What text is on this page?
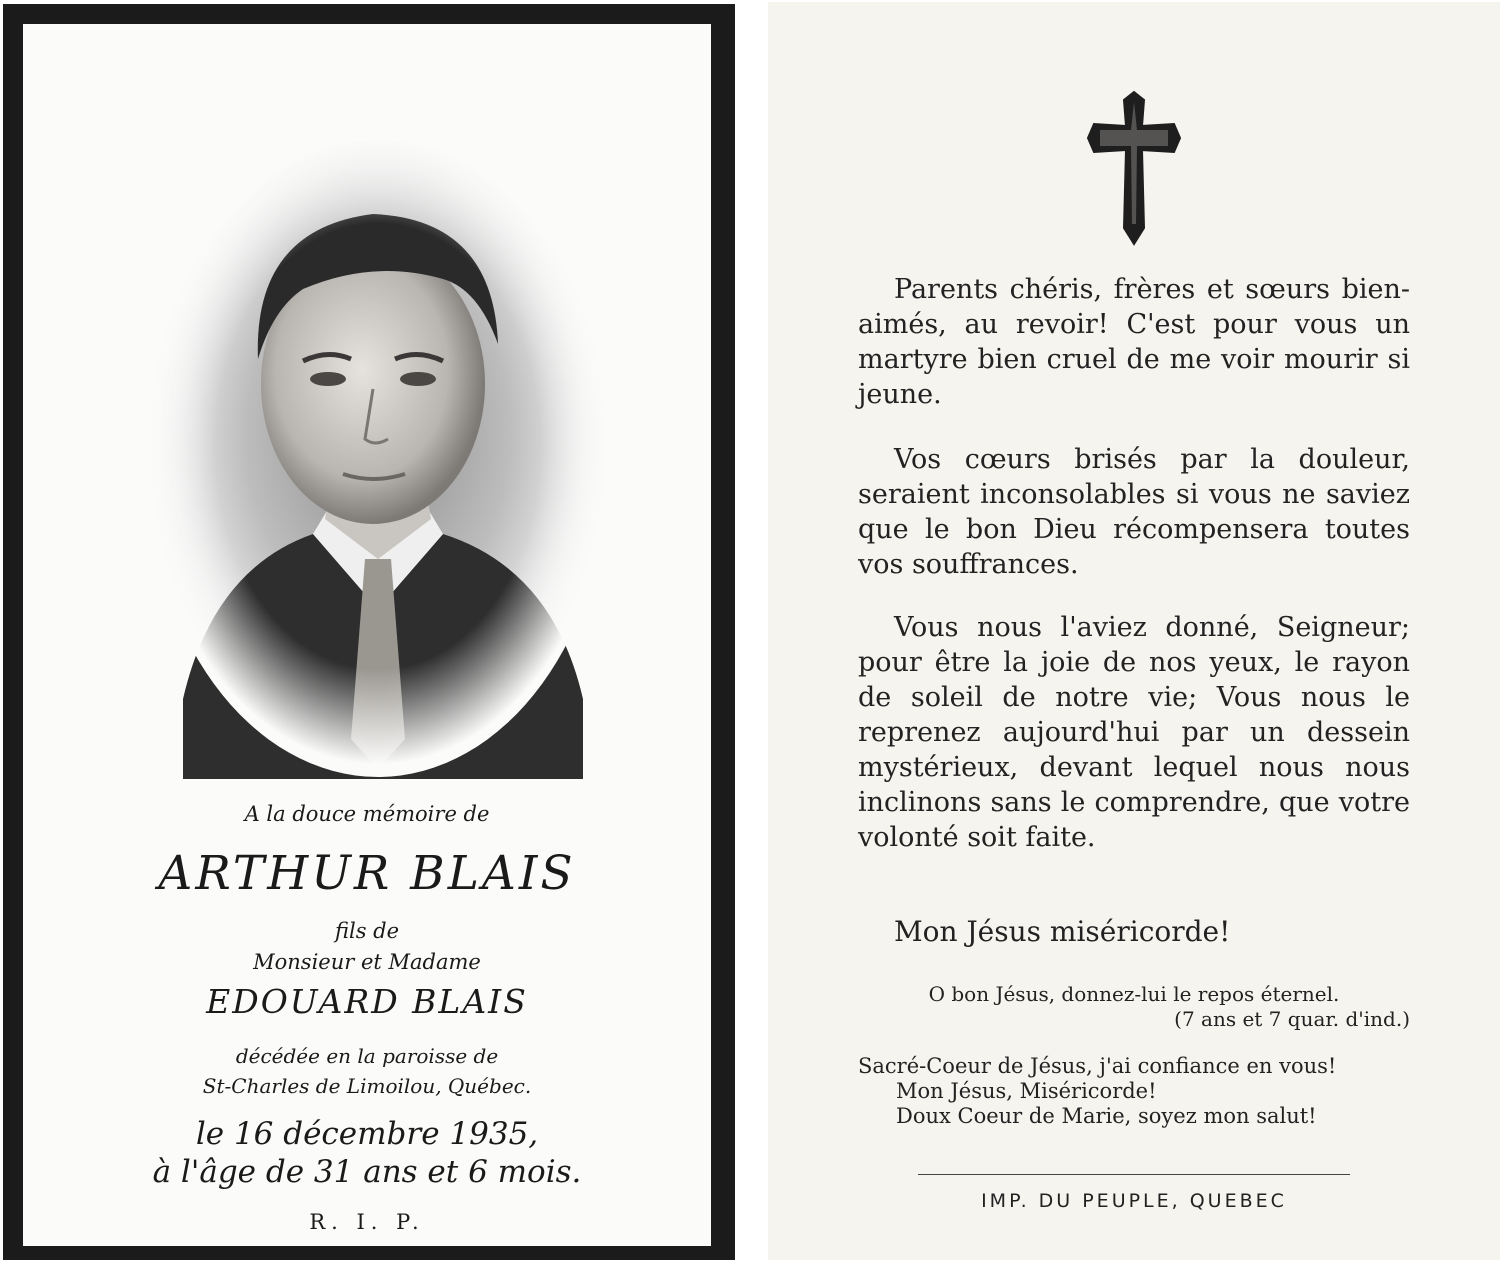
A la douce mémoire de
ARTHUR BLAIS
fils de
Monsieur et Madame
EDOUARD BLAIS
décédée en la paroisse de
St-Charles de Limoilou, Québec.
le 16 décembre 1935,
à l'âge de 31 ans et 6 mois.
R. I. P.

Parents chéris, frères et sœurs bien-aimés, au revoir! C'est pour vous un martyre bien cruel de me voir mourir si jeune.

Vos cœurs brisés par la douleur, seraient inconsolables si vous ne saviez que le bon Dieu récompensera toutes vos souffrances.

Vous nous l'aviez donné, Seigneur; pour être la joie de nos yeux, le rayon de soleil de notre vie; Vous nous le reprenez aujourd'hui par un dessein mystérieux, devant lequel nous nous inclinons sans le comprendre, que votre volonté soit faite.

Mon Jésus miséricorde!

O bon Jésus, donnez-lui le repos éternel.
(7 ans et 7 quar. d'ind.)
Sacré-Coeur de Jésus, j'ai confiance en vous!
Mon Jésus, Miséricorde!
Doux Coeur de Marie, soyez mon salut!
IMP. DU PEUPLE, QUEBEC
